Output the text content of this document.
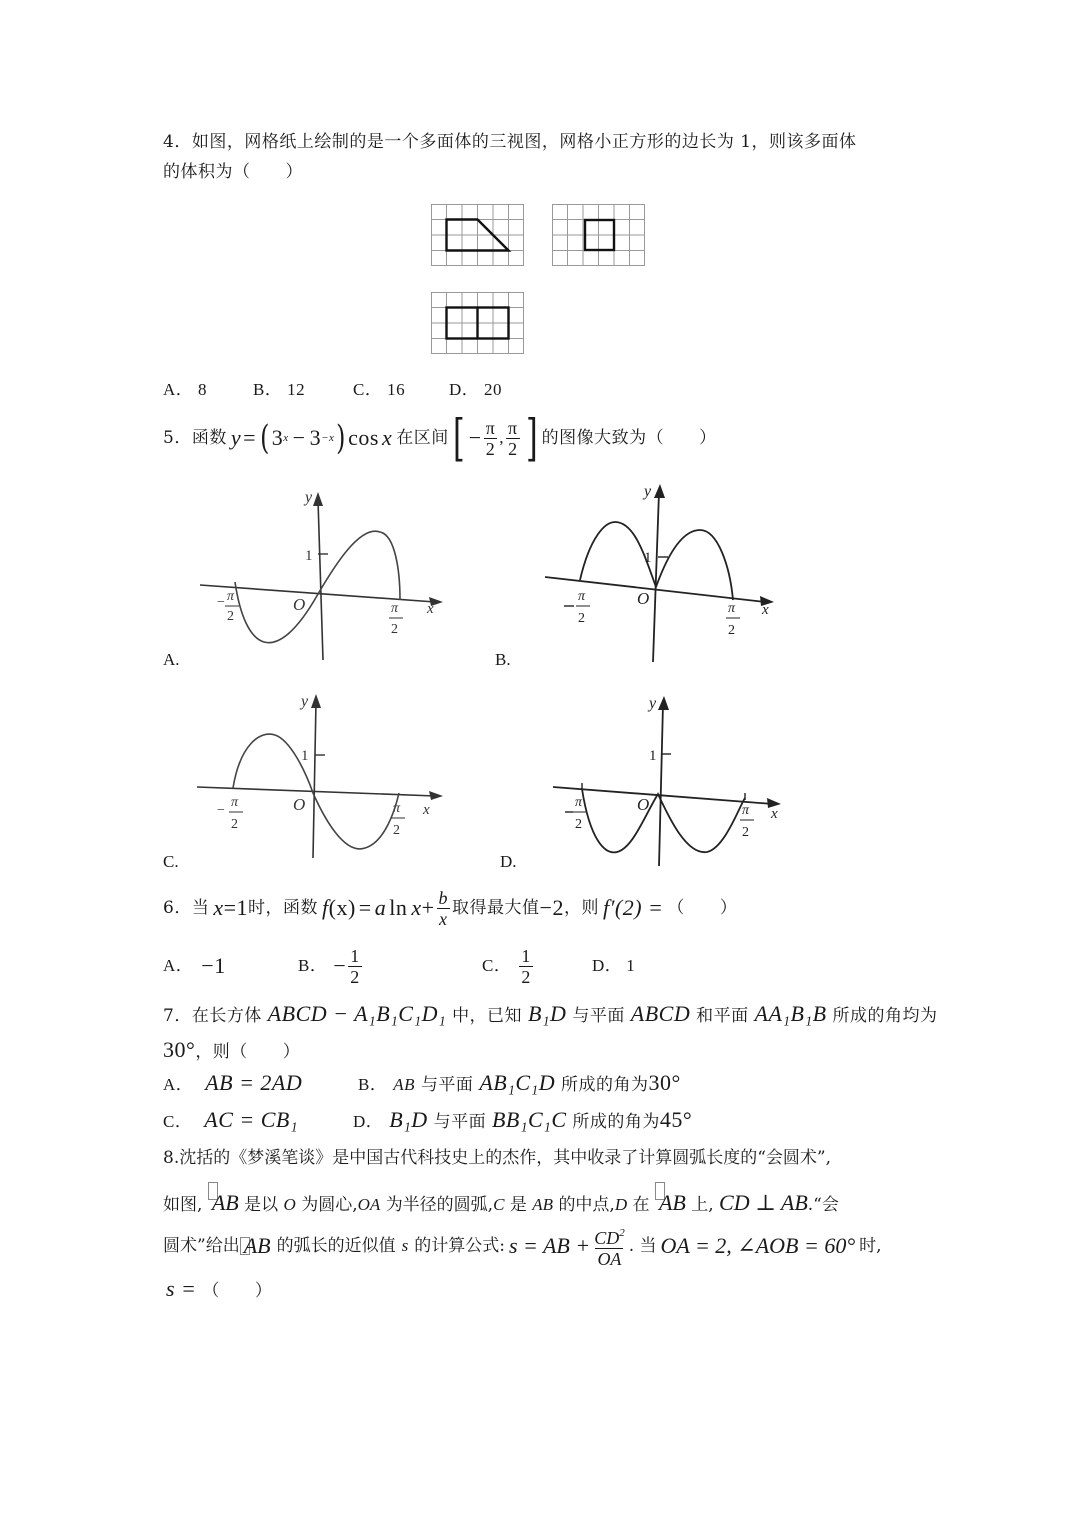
4．如图，网格纸上绘制的是一个多面体的三视图，网格小正方形的边长为 1，则该多面体
的体积为（　　）
A． 8	B． 12	C． 16	D． 20
5． 函数 y = ( 3 x − 3 −x ) cos x 在区间 [ − $\frac{\pi}{2}$ , $\frac{\pi}{2}$ ] 的图像大致为（　　）
y
1
O	x
− π
2
π
2
A.
y
1
O
x
π
2
π
2
B.
y
1
O	x
−
π
2
π
2
C.
y
1
O	x
π
2
π
2
D.
6． 当 x =1 时，函数 f (x) = a $\ln x + \frac{b}{x}$ 取得最大值 −2 ，则 f′(2) = （　　）
A． −1	B． − $\frac{1}{2}$	C． $\frac{1}{2}$	D． 1
7．在长方体 ABCD − A₁B₁C₁D₁ 中，已知 B₁D 与平面 ABCD 和平面 AA₁B₁B 所成的角均为
30°，则（　　）
A． AB = 2AD	B． AB 与平面 AB₁C₁D 所成的角为30°
C． AC = CB₁	D． B₁D 与平面 BB₁C₁C 所成的角为45°
8.沈括的《梦溪笔谈》是中国古代科技史上的杰作，其中收录了计算圆弧长度的“会圆术”,
如图, AB 是以 O 为圆心,OA 为半径的圆弧,C 是 AB 的中点,D 在 AB 上, CD ⊥ AB.“会
圆术”给出 AB 的弧长的近似值 s 的计算公式: s = AB + $\frac{CD^2}{OA}$ . 当 OA = 2, ∠AOB = 60° 时,
s = （　　）
